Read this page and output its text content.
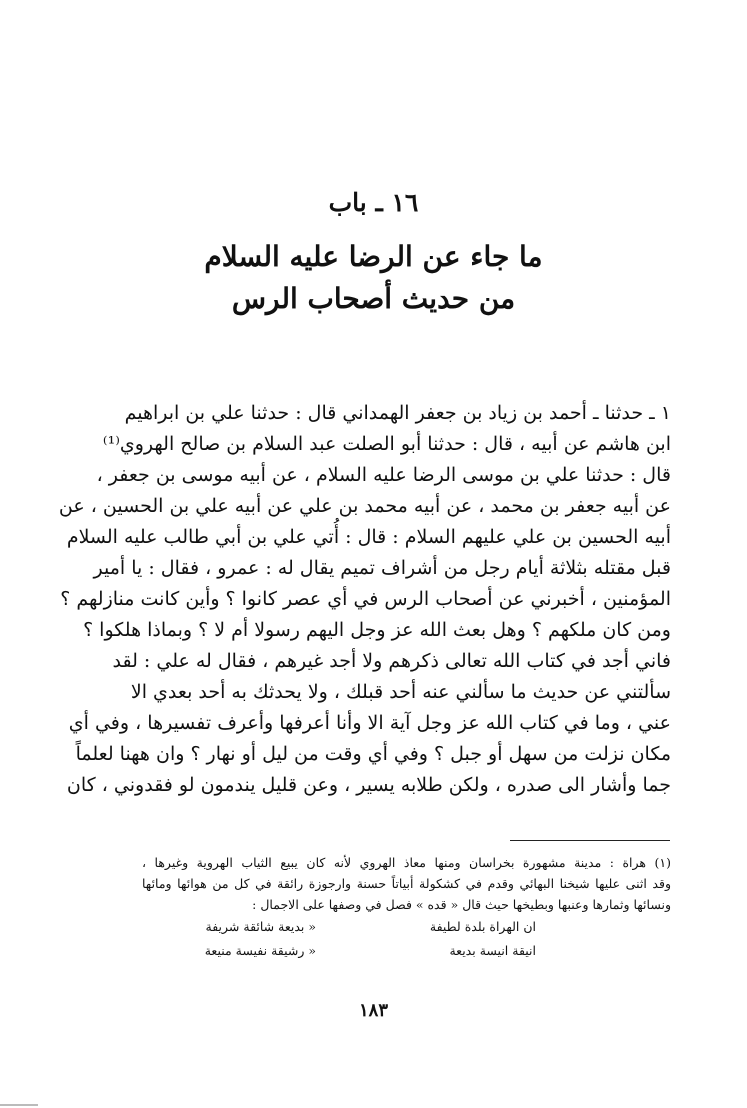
١٦ ـ باب
ما جاء عن الرضا عليه السلام
من حديث أصحاب الرس
١ ـ حدثنا ـ أحمد بن زياد بن جعفر الهمداني قال : حدثنا علي بن ابراهيم
ابن هاشم عن أبيه ، قال : حدثنا أبو الصلت عبد السلام بن صالح الهروي⁽¹⁾
قال : حدثنا علي بن موسى الرضا عليه السلام ، عن أبيه موسى بن جعفر ،
عن أبيه جعفر بن محمد ، عن أبيه محمد بن علي عن أبيه علي بن الحسين ، عن
أبيه الحسين بن علي عليهم السلام : قال : أُتي علي بن أبي طالب عليه السلام
قبل مقتله بثلاثة أيام رجل من أشراف تميم يقال له : عمرو ، فقال : يا أمير
المؤمنين ، أخبرني عن أصحاب الرس في أي عصر كانوا ؟ وأين كانت منازلهم ؟
ومن كان ملكهم ؟ وهل بعث الله عز وجل اليهم رسولا أم لا ؟ وبماذا هلكوا ؟
فاني أجد في كتاب الله تعالى ذكرهم ولا أجد غيرهم ، فقال له علي : لقد
سألتني عن حديث ما سألني عنه أحد قبلك ، ولا يحدثك به أحد بعدي الا
عني ، وما في كتاب الله عز وجل آية الا وأنا أعرفها وأعرف تفسيرها ، وفي أي
مكان نزلت من سهل أو جبل ؟ وفي أي وقت من ليل أو نهار ؟ وان ههنا لعلماً
جما وأشار الى صدره ، ولكن طلابه يسير ، وعن قليل يندمون لو فقدوني ، كان
(١) هراة : مدينة مشهورة بخراسان ومنها معاذ الهروي لأنه كان يبيع الثياب الهروية وغيرها ،
وقد اثنى عليها شيخنا البهائي وقدم في كشكولة أبياتاً حسنة وارجوزة رائقة في كل من هوائها ومائها
ونسائها وثمارها وعنبها وبطيخها حيث قال « قده » فصل في وصفها على الاجمال :
ان الهراة بلدة لطيفة
« بديعة شائقة شريفة
انيقة انيسة بديعة
« رشيقة نفيسة منيعة
١٨٣
